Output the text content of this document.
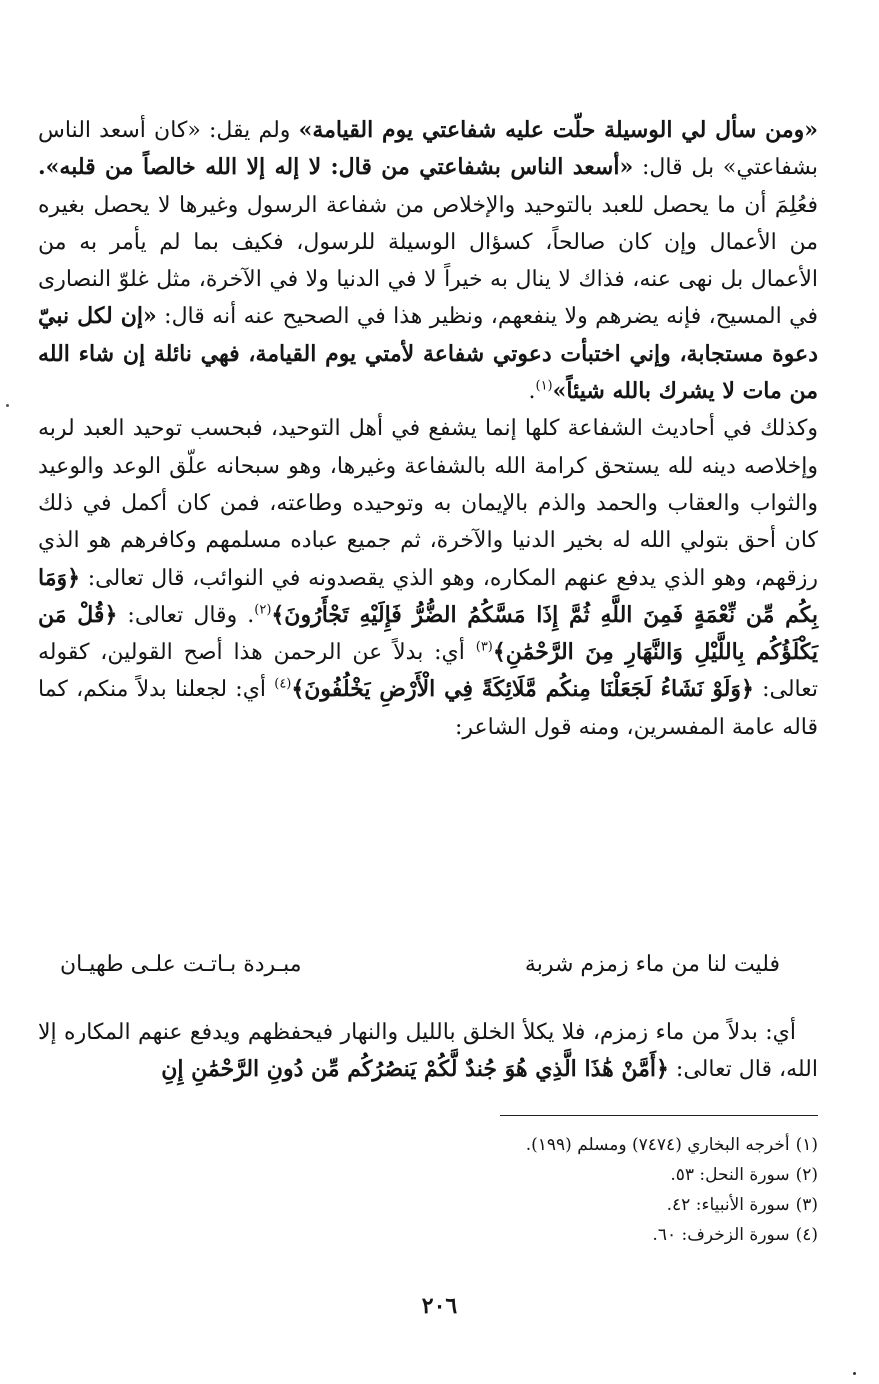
«ومن سأل لي الوسيلة حلّت عليه شفاعتي يوم القيامة» ولم يقل: «كان أسعد الناس بشفاعتي» بل قال: «أسعد الناس بشفاعتي من قال: لا إله إلا الله خالصاً من قلبه». فعُلِمَ أن ما يحصل للعبد بالتوحيد والإخلاص من شفاعة الرسول وغيرها لا يحصل بغيره من الأعمال وإن كان صالحاً، كسؤال الوسيلة للرسول، فكيف بما لم يأمر به من الأعمال بل نهى عنه، فذاك لا ينال به خيراً لا في الدنيا ولا في الآخرة، مثل غلوّ النصارى في المسيح، فإنه يضرهم ولا ينفعهم، ونظير هذا في الصحيح عنه أنه قال: «إن لكل نبيّ دعوة مستجابة، وإني اختبأت دعوتي شفاعة لأمتي يوم القيامة، فهي نائلة إن شاء الله من مات لا يشرك بالله شيئاً»$^{(١)}$.

وكذلك في أحاديث الشفاعة كلها إنما يشفع في أهل التوحيد، فبحسب توحيد العبد لربه وإخلاصه دينه لله يستحق كرامة الله بالشفاعة وغيرها، وهو سبحانه علّق الوعد والوعيد والثواب والعقاب والحمد والذم بالإيمان به وتوحيده وطاعته، فمن كان أكمل في ذلك كان أحق بتولي الله له بخير الدنيا والآخرة، ثم جميع عباده مسلمهم وكافرهم هو الذي رزقهم، وهو الذي يدفع عنهم المكاره، وهو الذي يقصدونه في النوائب، قال تعالى: ﴿وَمَا بِكُم مِّن نِّعْمَةٍ فَمِنَ اللَّهِ ثُمَّ إِذَا مَسَّكُمُ الضُّرُّ فَإِلَيْهِ تَجْأَرُونَ﴾$^{(٢)}$. وقال تعالى: ﴿قُلْ مَن يَكْلَؤُكُم بِاللَّيْلِ وَالنَّهَارِ مِنَ الرَّحْمَٰنِ﴾$^{(٣)}$ أي: بدلاً عن الرحمن هذا أصح القولين، كقوله تعالى: ﴿وَلَوْ نَشَاءُ لَجَعَلْنَا مِنكُم مَّلَائِكَةً فِي الْأَرْضِ يَخْلُفُونَ﴾$^{(٤)}$ أي: لجعلنا بدلاً منكم، كما قاله عامة المفسرين، ومنه قول الشاعر:

فليت لنا من ماء زمزم شربة
مبـردة بـاتـت علـى طهيـان

أي: بدلاً من ماء زمزم، فلا يكلأ الخلق بالليل والنهار فيحفظهم ويدفع عنهم المكاره إلا الله، قال تعالى: ﴿أَمَّنْ هَٰذَا الَّذِي هُوَ جُندٌ لَّكُمْ يَنصُرُكُم مِّن دُونِ الرَّحْمَٰنِ إِنِ

(١)أخرجه البخاري (٧٤٧٤) ومسلم (١٩٩).
(٢)سورة النحل: ٥٣.
(٣)سورة الأنبياء: ٤٢.
(٤)سورة الزخرف: ٦٠.
٢٠٦
